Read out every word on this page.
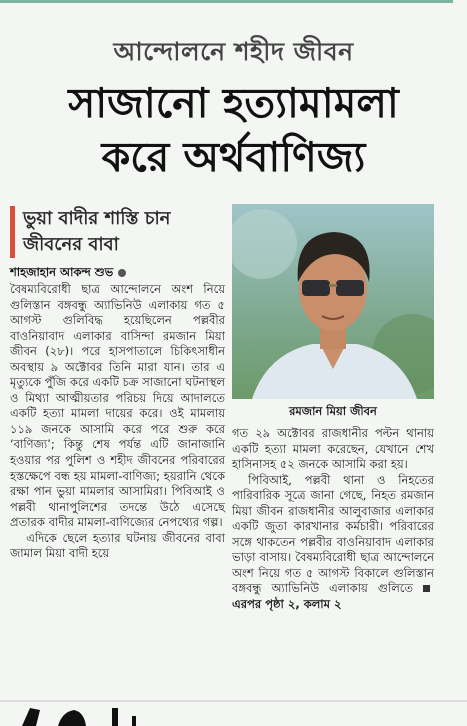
আন্দোলনে শহীদ জীবন
সাজানো হত্যামামলা
করে অর্থবাণিজ্য
ভুয়া বাদীর শাস্তি চান
জীবনের বাবা
শাহজাহান আকন্দ শুভ

বৈষম্যবিরোধী ছাত্র আন্দোলনে অংশ নিয়ে গুলিস্তান বঙ্গবন্ধু অ্যাভিনিউ এলাকায় গত ৫ আগস্ট গুলিবিদ্ধ হয়েছিলেন পল্লবীর বাওনিয়াবাদ এলাকার বাসিন্দা রমজান মিয়া জীবন (২৮)। পরে হাসপাতালে চিকিৎসাধীন অবস্থায় ৯ অক্টোবর তিনি মারা যান। তার এ মৃত্যুকে পুঁজি করে একটি চক্র সাজানো ঘটনাস্থল ও মিথ্যা আত্মীয়তার পরিচয় দিয়ে আদালতে একটি হত্যা মামলা দায়ের করে। ওই মামলায় ১১৯ জনকে আসামি করে পরে শুরু করে ‘বাণিজ্য’; কিন্তু শেষ পর্যন্ত এটি জানাজানি হওয়ার পর পুলিশ ও শহীদ জীবনের পরিবারের হস্তক্ষেপে বন্ধ হয় মামলা-বাণিজ্য; হয়রানি থেকে রক্ষা পান ভুয়া মামলার আসামিরা। পিবিআই ও পল্লবী থানাপুলিশের তদন্তে উঠে এসেছে প্রতারক বাদীর মামলা-বাণিজ্যের নেপথ্যের গল্প।

এদিকে ছেলে হত্যার ঘটনায় জীবনের বাবা জামাল মিয়া বাদী হয়ে

রমজান মিয়া জীবন

গত ২৯ অক্টোবর রাজধানীর পল্টন থানায় একটি হত্যা মামলা করেছেন, যেখানে শেখ হাসিনাসহ ৫২ জনকে আসামি করা হয়।

পিবিআই, পল্লবী থানা ও নিহতের পারিবারিক সূত্রে জানা গেছে, নিহত রমজান মিয়া জীবন রাজধানীর আলুবাজার এলাকার একটি জুতা কারখানার কর্মচারী। পরিবারের সঙ্গে থাকতেন পল্লবীর বাওনিয়াবাদ এলাকার ভাড়া বাসায়। বৈষম্যবিরোধী ছাত্র আন্দোলনে অংশ নিয়ে গত ৫ আগস্ট বিকালে গুলিস্তান বঙ্গবন্ধু অ্যাভিনিউ এলাকায় গুলিতে এরপর পৃষ্ঠা ২, কলাম ২
